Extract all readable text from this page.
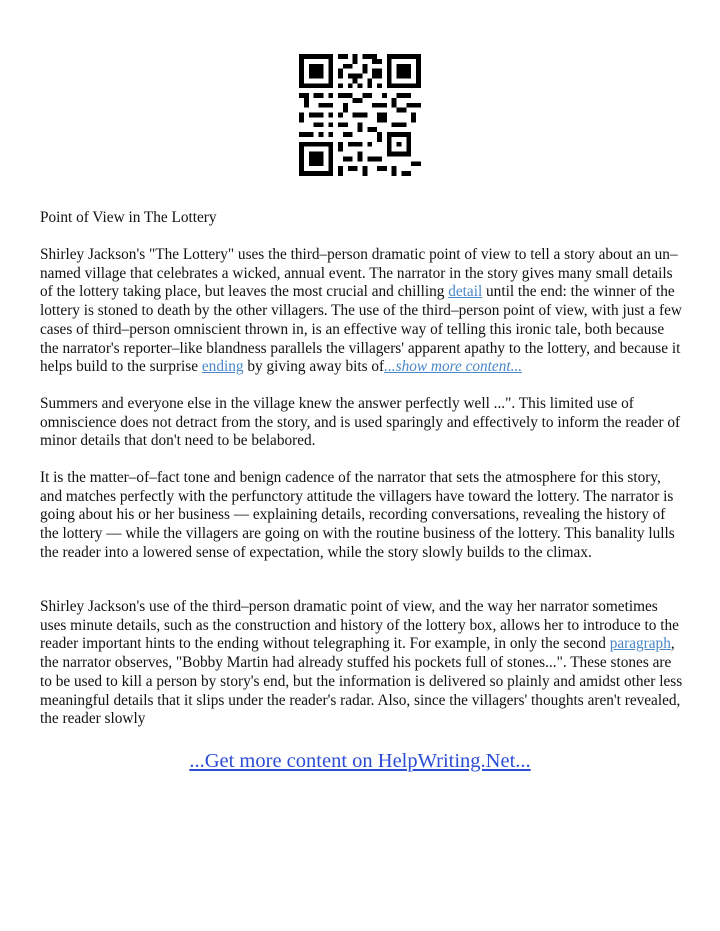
Point of View in The Lottery

Shirley Jackson's "The Lottery" uses the third–person dramatic point of view to tell a story about an un–named village that celebrates a wicked, annual event. The narrator in the story gives many small details of the lottery taking place, but leaves the most crucial and chilling detail until the end: the winner of the lottery is stoned to death by the other villagers. The use of the third–person point of view, with just a few cases of third–person omniscient thrown in, is an effective way of telling this ironic tale, both because the narrator's reporter–like blandness parallels the villagers' apparent apathy to the lottery, and because it helps build to the surprise ending by giving away bits of...show more content...

Summers and everyone else in the village knew the answer perfectly well ...". This limited use of omniscience does not detract from the story, and is used sparingly and effectively to inform the reader of minor details that don't need to be belabored.

It is the matter–of–fact tone and benign cadence of the narrator that sets the atmosphere for this story, and matches perfectly with the perfunctory attitude the villagers have toward the lottery. The narrator is going about his or her business — explaining details, recording conversations, revealing the history of the lottery — while the villagers are going on with the routine business of the lottery. This banality lulls the reader into a lowered sense of expectation, while the story slowly builds to the climax.

Shirley Jackson's use of the third–person dramatic point of view, and the way her narrator sometimes uses minute details, such as the construction and history of the lottery box, allows her to introduce to the reader important hints to the ending without telegraphing it. For example, in only the second paragraph, the narrator observes, "Bobby Martin had already stuffed his pockets full of stones...". These stones are to be used to kill a person by story's end, but the information is delivered so plainly and amidst other less meaningful details that it slips under the reader's radar. Also, since the villagers' thoughts aren't revealed, the reader slowly

...Get more content on HelpWriting.Net...
